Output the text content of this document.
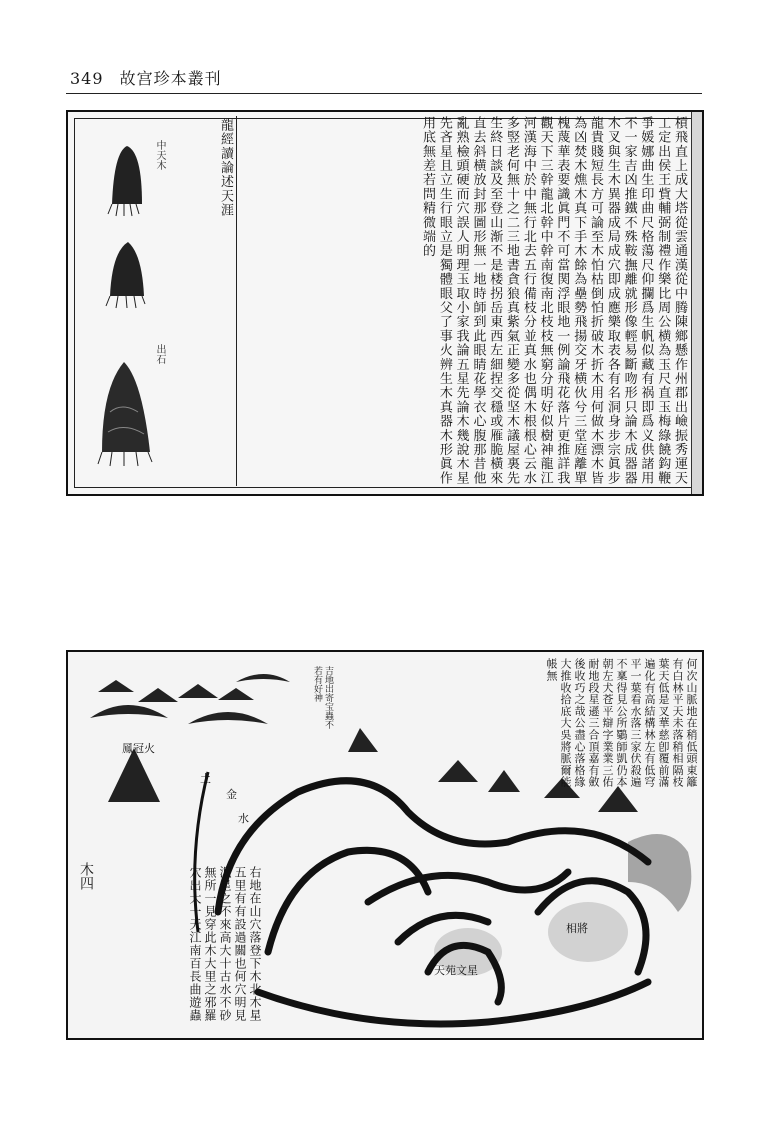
349 故宫珍本叢刊
槓飛直上成大塔從雲通漢從中腾陳鄉懸作州郡出嶮振秀運天工定出侯王貲輔弼制禮作樂比周公横為玉尺直玉梅綠饒鈎鞭爭媛娜曲生印曲尺格蕩尺仰攔爲生帆似藏有祸即爲义供諸用不一家吉凶推鐵不殊鞍撫離就形像輕易斷吻形只論木成器器木叉與生木異器成局成穴即成應樂取表各有名洞身步宗眞步龍貴賤短長方可論至木怕枯倒怕折破木折木用何做木漂木皆為凶焚木燋木真下手木餘為壘勢飛揚交牙横伙兮三堂庭離單槐蔑華表要識眞門不可當関浮眼地一例論飛花落片更推詳我觀天下三幹龍北幹中幹南復南北枝枝無窮分明好似樹神龍江河漢海中於中無行北去五行備枝分並真水也偶木根根心云水多竪老何無十之二三地書貪狼真紫氣正變多從坚木議屋裏先生終日談及至登山渐不是楼拐岳東西左細捏交穩或雁脆橫來直去斜横放封那圖形無一地時師到此眼睛花學衣心腹那昔他亂熟檢頭硬而穴誤人明理玉取小家我論五星先論木幾說木星先吝星且立生行眼立是獨體眼父了事火辨生木真器木形眞作用底無差若問精微端的
龍經讀論述天涯
中天木
出石
何次山脈地在稍低頭東籬有白林平天未落稍相隔枝葉天低是叉華慈卽覆前滿遍化有高結構林左有低穹平一葉看水落三家伏殺遍不稟得見公所鸀師凱仍本朝左犬苍平辯字業業三佑耐地段星遜三合頂嘉有斂後收巧之哉公盡心落格緣大推收拾底大吳將脈爾能帳無
吉地出寄宝蟲不若有好神
右地在山穴落登下木北木星五里有有設過關也何穴明見泯星之不來高大十古水不砂無所一見穿此木大里之邪羅穴出大一天江南百長曲遊蟲
鳳冠火
土
金
水
天苑文星
相將
木四
